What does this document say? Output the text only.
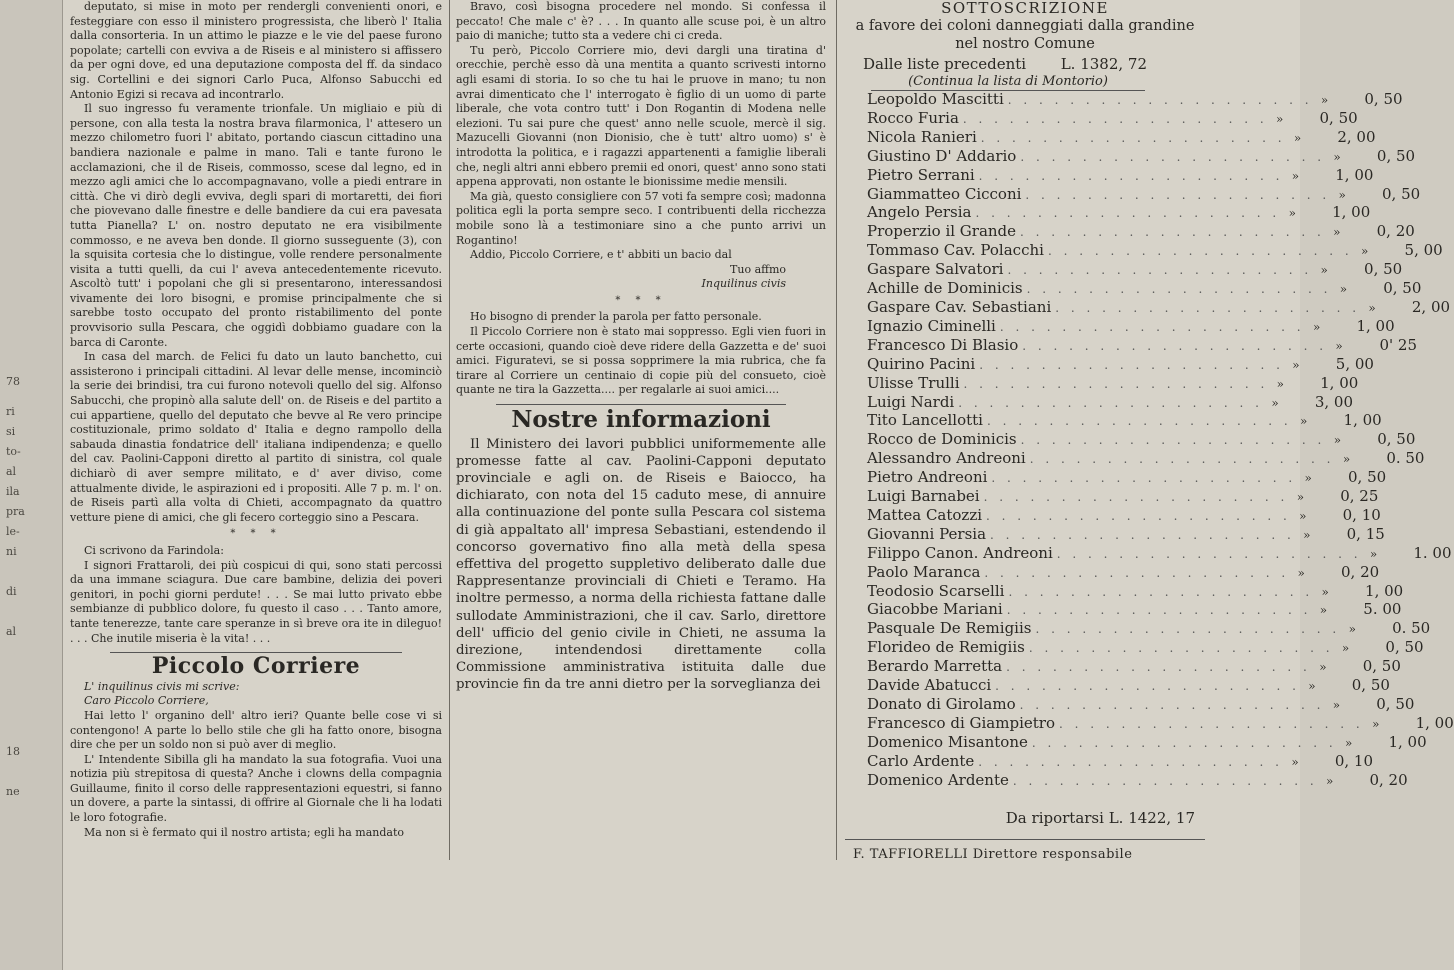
78
ri
si
to-
al
ila
pra
le-
ni
di
al
18
ne

deputato, si mise in moto per rendergli convenienti onori, e festeggiare con esso il ministero progressista, che liberò l' Italia dalla consorteria. In un attimo le piazze e le vie del paese furono popolate; cartelli con evviva a de Riseis e al ministero si affissero da per ogni dove, ed una deputazione composta del ff. da sindaco sig. Cortellini e dei signori Carlo Puca, Alfonso Sabucchi ed Antonio Egizi si recava ad incontrarlo.

Il suo ingresso fu veramente trionfale. Un migliaio e più di persone, con alla testa la nostra brava filarmonica, l' attesero un mezzo chilometro fuori l' abitato, portando ciascun cittadino una bandiera nazionale e palme in mano. Tali e tante furono le acclamazioni, che il de Riseis, commosso, scese dal legno, ed in mezzo agli amici che lo accompagnavano, volle a piedi entrare in città. Che vi dirò degli evviva, degli spari di mortaretti, dei fiori che piovevano dalle finestre e delle bandiere da cui era pavesata tutta Pianella? L' on. nostro deputato ne era visibilmente commosso, e ne aveva ben donde. Il giorno susseguente (3), con la squisita cortesia che lo distingue, volle rendere personalmente visita a tutti quelli, da cui l' aveva antecedentemente ricevuto. Ascoltò tutt' i popolani che gli si presentarono, interessandosi vivamente dei loro bisogni, e promise principalmente che si sarebbe tosto occupato del pronto ristabilimento del ponte provvisorio sulla Pescara, che oggidì dobbiamo guadare con la barca di Caronte.

In casa del march. de Felici fu dato un lauto banchetto, cui assisterono i principali cittadini. Al levar delle mense, incominciò la serie dei brindisi, tra cui furono notevoli quello del sig. Alfonso Sabucchi, che propinò alla salute dell' on. de Riseis e del partito a cui appartiene, quello del deputato che bevve al Re vero principe costituzionale, primo soldato d' Italia e degno rampollo della sabauda dinastia fondatrice dell' italiana indipendenza; e quello del cav. Paolini-Capponi diretto al partito di sinistra, col quale dichiarò di aver sempre militato, e d' aver diviso, come attualmente divide, le aspirazioni ed i propositi. Alle 7 p. m. l' on. de Riseis partì alla volta di Chieti, accompagnato da quattro vetture piene di amici, che gli fecero corteggio sino a Pescara.

* * *

Ci scrivono da Farindola:

I signori Frattaroli, dei più cospicui di qui, sono stati percossi da una immane sciagura. Due care bambine, delizia dei poveri genitori, in pochi giorni perdute! . . . Se mai lutto privato ebbe sembianze di pubblico dolore, fu questo il caso . . . Tanto amore, tante tenerezze, tante care speranze in sì breve ora ite in dileguo! . . . Che inutile miseria è la vita! . . .

Piccolo Corriere

L' inquilinus civis mi scrive:

Caro Piccolo Corriere,

Hai letto l' organino dell' altro ieri? Quante belle cose vi si contengono! A parte lo bello stile che gli ha fatto onore, bisogna dire che per un soldo non si può aver di meglio.

L' Intendente Sibilla gli ha mandato la sua fotografia. Vuoi una notizia più strepitosa di questa? Anche i clowns della compagnia Guillaume, finito il corso delle rappresentazioni equestri, si fanno un dovere, a parte la sintassi, di offrire al Giornale che li ha lodati le loro fotografie.

Ma non si è fermato qui il nostro artista; egli ha mandato

Bravo, così bisogna procedere nel mondo. Si confessa il peccato! Che male c' è? . . . In quanto alle scuse poi, è un altro paio di maniche; tutto sta a vedere chi ci creda.

Tu però, Piccolo Corriere mio, devi dargli una tiratina d' orecchie, perchè esso dà una mentita a quanto scrivesti intorno agli esami di storia. Io so che tu hai le pruove in mano; tu non avrai dimenticato che l' interrogato è figlio di un uomo di parte liberale, che vota contro tutt' i Don Rogantin di Modena nelle elezioni. Tu sai pure che quest' anno nelle scuole, mercè il sig. Mazucelli Giovanni (non Dionisio, che è tutt' altro uomo) s' è introdotta la politica, e i ragazzi appartenenti a famiglie liberali che, negli altri anni ebbero premii ed onori, quest' anno sono stati appena approvati, non ostante le bionissime medie mensili.

Ma già, questo consigliere con 57 voti fa sempre così; madonna politica egli la porta sempre seco. I contribuenti della ricchezza mobile sono là a testimoniare sino a che punto arrivi un Rogantino!

Addio, Piccolo Corriere, e t' abbiti un bacio dal

Tuo affmo

Inquilinus civis

* * *

Ho bisogno di prender la parola per fatto personale.

Il Piccolo Corriere non è stato mai soppresso. Egli vien fuori in certe occasioni, quando cioè deve ridere della Gazzetta e de' suoi amici. Figuratevi, se si possa sopprimere la mia rubrica, che fa tirare al Corriere un centinaio di copie più del consueto, cioè quante ne tira la Gazzetta.... per regalarle ai suoi amici....

Nostre informazioni

Il Ministero dei lavori pubblici uniformemente alle promesse fatte al cav. Paolini-Capponi deputato provinciale e agli on. de Riseis e Baiocco, ha dichiarato, con nota del 15 caduto mese, di annuire alla continuazione del ponte sulla Pescara col sistema di già appaltato all' impresa Sebastiani, estendendo il concorso governativo fino alla metà della spesa effettiva del progetto suppletivo deliberato dalle due Rappresentanze provinciali di Chieti e Teramo. Ha inoltre permesso, a norma della richiesta fattane dalle sullodate Amministrazioni, che il cav. Sarlo, direttore dell' ufficio del genio civile in Chieti, ne assuma la direzione, intendendosi direttamente colla Commissione amministrativa istituita dalle due provincie fin da tre anni dietro per la sorveglianza dei

SOTTOSCRIZIONE
a favore dei coloni danneggiati dalla grandine nel nostro Comune
Dalle liste precedenti L. 1382, 72
(Continua la lista di Montorio)
Leopoldo Mascitti . . . . . . . . . . . . . . . . . . . . »	0, 50
Rocco Furia . . . . . . . . . . . . . . . . . . . . »	0, 50
Nicola Ranieri . . . . . . . . . . . . . . . . . . . . »	2, 00
Giustino D' Addario . . . . . . . . . . . . . . . . . . . . »	0, 50
Pietro Serrani . . . . . . . . . . . . . . . . . . . . »	1, 00
Giammatteo Cicconi . . . . . . . . . . . . . . . . . . . . »	0, 50
Angelo Persia . . . . . . . . . . . . . . . . . . . . »	1, 00
Properzio il Grande . . . . . . . . . . . . . . . . . . . . »	0, 20
Tommaso Cav. Polacchi . . . . . . . . . . . . . . . . . . . . »	5, 00
Gaspare Salvatori . . . . . . . . . . . . . . . . . . . . »	0, 50
Achille de Dominicis . . . . . . . . . . . . . . . . . . . . »	0, 50
Gaspare Cav. Sebastiani . . . . . . . . . . . . . . . . . . . . »	2, 00
Ignazio Ciminelli . . . . . . . . . . . . . . . . . . . . »	1, 00
Francesco Di Blasio . . . . . . . . . . . . . . . . . . . . »	0' 25
Quirino Pacini . . . . . . . . . . . . . . . . . . . . »	5, 00
Ulisse Trulli . . . . . . . . . . . . . . . . . . . . »	1, 00
Luigi Nardi . . . . . . . . . . . . . . . . . . . . »	3, 00
Tito Lancellotti . . . . . . . . . . . . . . . . . . . . »	1, 00
Rocco de Dominicis . . . . . . . . . . . . . . . . . . . . »	0, 50
Alessandro Andreoni . . . . . . . . . . . . . . . . . . . . »	0. 50
Pietro Andreoni . . . . . . . . . . . . . . . . . . . . »	0, 50
Luigi Barnabei . . . . . . . . . . . . . . . . . . . . »	0, 25
Mattea Catozzi . . . . . . . . . . . . . . . . . . . . »	0, 10
Giovanni Persia . . . . . . . . . . . . . . . . . . . . »	0, 15
Filippo Canon. Andreoni . . . . . . . . . . . . . . . . . . . . »	1. 00
Paolo Maranca . . . . . . . . . . . . . . . . . . . . »	0, 20
Teodosio Scarselli . . . . . . . . . . . . . . . . . . . . »	1, 00
Giacobbe Mariani . . . . . . . . . . . . . . . . . . . . »	5. 00
Pasquale De Remigiis . . . . . . . . . . . . . . . . . . . . »	0. 50
Florideo de Remigiis . . . . . . . . . . . . . . . . . . . . »	0, 50
Berardo Marretta . . . . . . . . . . . . . . . . . . . . »	0, 50
Davide Abatucci . . . . . . . . . . . . . . . . . . . . »	0, 50
Donato di Girolamo . . . . . . . . . . . . . . . . . . . . »	0, 50
Francesco di Giampietro . . . . . . . . . . . . . . . . . . . . »	1, 00
Domenico Misantone . . . . . . . . . . . . . . . . . . . . »	1, 00
Carlo Ardente . . . . . . . . . . . . . . . . . . . . »	0, 10
Domenico Ardente . . . . . . . . . . . . . . . . . . . . »	0, 20
Da riportarsi L. 1422, 17
F. TAFFIORELLI Direttore responsabile
